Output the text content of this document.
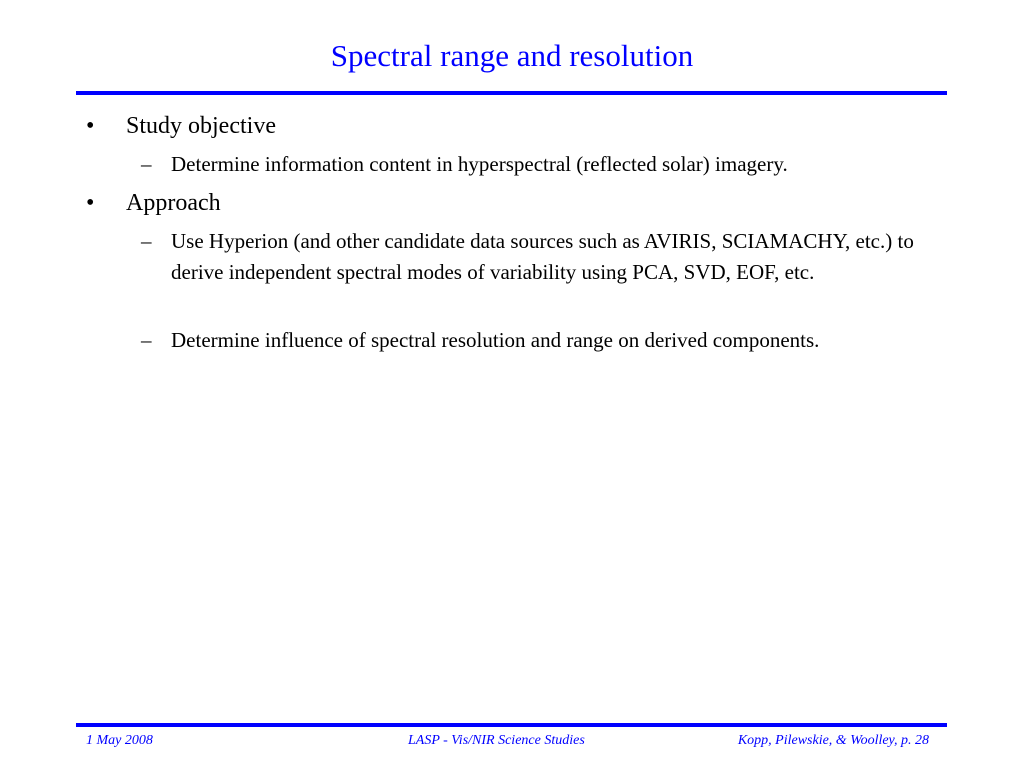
Spectral range and resolution
• Study objective
– Determine information content in hyperspectral (reflected solar) imagery.
• Approach
– Use Hyperion (and other candidate data sources such as AVIRIS, SCIAMACHY, etc.) to derive independent spectral modes of variability using PCA, SVD, EOF, etc.
– Determine influence of spectral resolution and range on derived components.
1 May 2008	LASP - Vis/NIR Science Studies	Kopp, Pilewskie, & Woolley, p. 28
